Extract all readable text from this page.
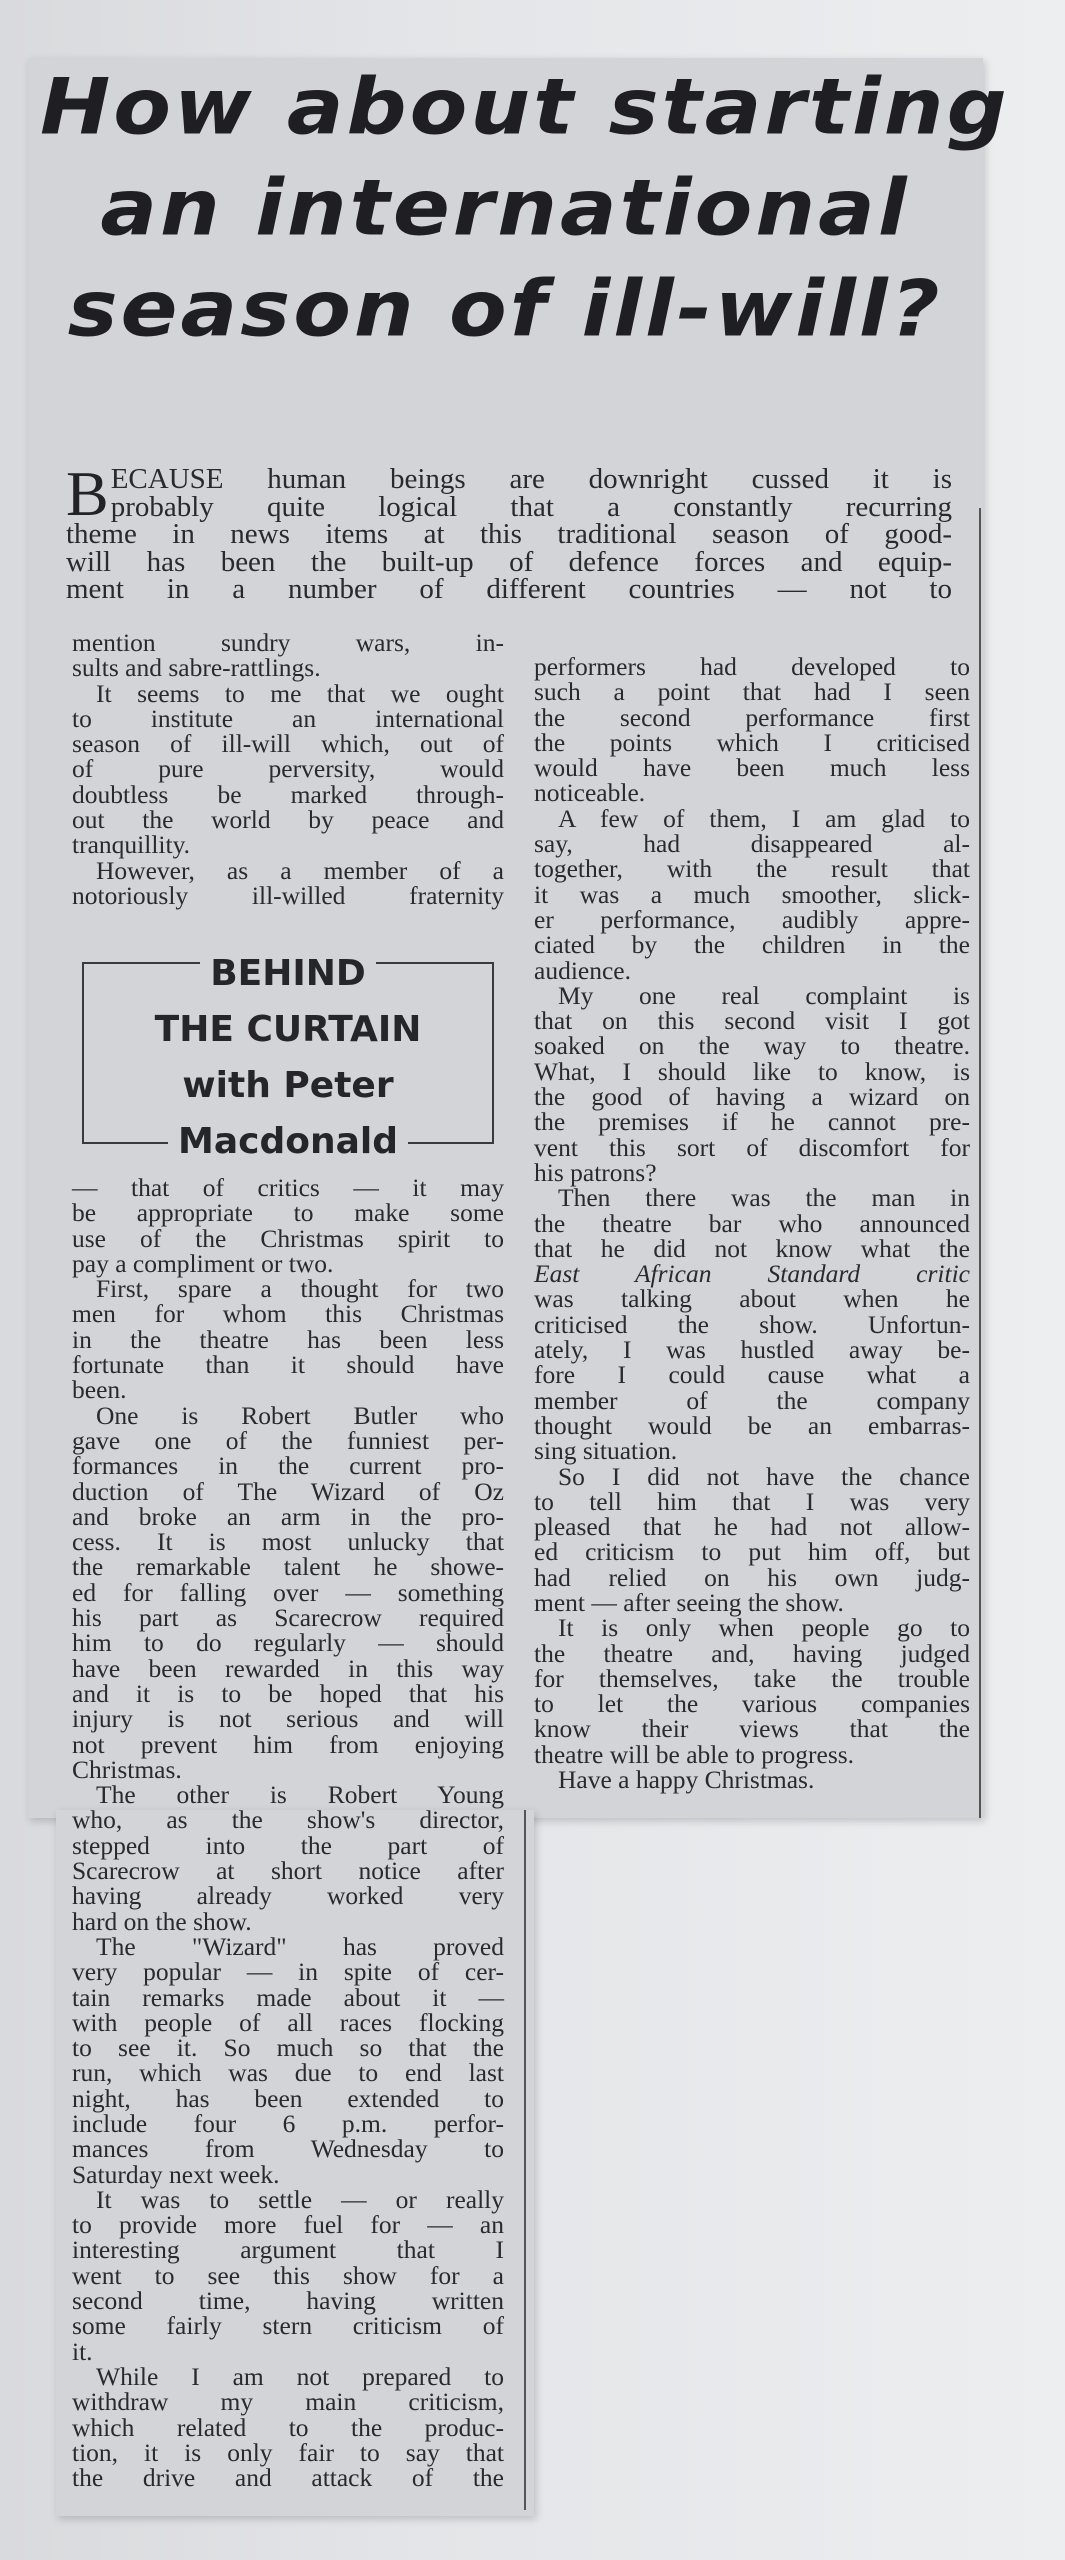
How about starting
an international
season of ill-will?

B ECAUSE human beings are downright cussed it is
probably quite logical that a constantly recurring
theme in news items at this traditional season of good-
will has been the built-up of defence forces and equip-
ment in a number of different countries — not to

mention sundry wars, in-
sults and sabre-rattlings.
It seems to me that we ought
to institute an international
season of ill-will which, out of
of pure perversity, would
doubtless be marked through-
out the world by peace and
tranquillity.
However, as a member of a
notoriously ill-willed fraternity
BEHIND
THE CURTAIN
with Peter
Macdonald
— that of critics — it may
be appropriate to make some
use of the Christmas spirit to
pay a compliment or two.
First, spare a thought for two
men for whom this Christmas
in the theatre has been less
fortunate than it should have
been.
One is Robert Butler who
gave one of the funniest per-
formances in the current pro-
duction of The Wizard of Oz
and broke an arm in the pro-
cess. It is most unlucky that
the remarkable talent he showe-
ed for falling over — something
his part as Scarecrow required
him to do regularly — should
have been rewarded in this way
and it is to be hoped that his
injury is not serious and will
not prevent him from enjoying
Christmas.
The other is Robert Young
who, as the show's director,
stepped into the part of
Scarecrow at short notice after
having already worked very
hard on the show.
The "Wizard" has proved
very popular — in spite of cer-
tain remarks made about it —
with people of all races flocking
to see it. So much so that the
run, which was due to end last
night, has been extended to
include four 6 p.m. perfor-
mances from Wednesday to
Saturday next week.
It was to settle — or really
to provide more fuel for — an
interesting argument that I
went to see this show for a
second time, having written
some fairly stern criticism of
it.
While I am not prepared to
withdraw my main criticism,
which related to the produc-
tion, it is only fair to say that
the drive and attack of the
performers had developed to
such a point that had I seen
the second performance first
the points which I criticised
would have been much less
noticeable.
A few of them, I am glad to
say, had disappeared al-
together, with the result that
it was a much smoother, slick-
er performance, audibly appre-
ciated by the children in the
audience.
My one real complaint is
that on this second visit I got
soaked on the way to theatre.
What, I should like to know, is
the good of having a wizard on
the premises if he cannot pre-
vent this sort of discomfort for
his patrons?
Then there was the man in
the theatre bar who announced
that he did not know what the
East African Standard critic
was talking about when he
criticised the show. Unfortun-
ately, I was hustled away be-
fore I could cause what a
member of the company
thought would be an embarras-
sing situation.
So I did not have the chance
to tell him that I was very
pleased that he had not allow-
ed criticism to put him off, but
had relied on his own judg-
ment — after seeing the show.
It is only when people go to
the theatre and, having judged
for themselves, take the trouble
to let the various companies
know their views that the
theatre will be able to progress.
Have a happy Christmas.
